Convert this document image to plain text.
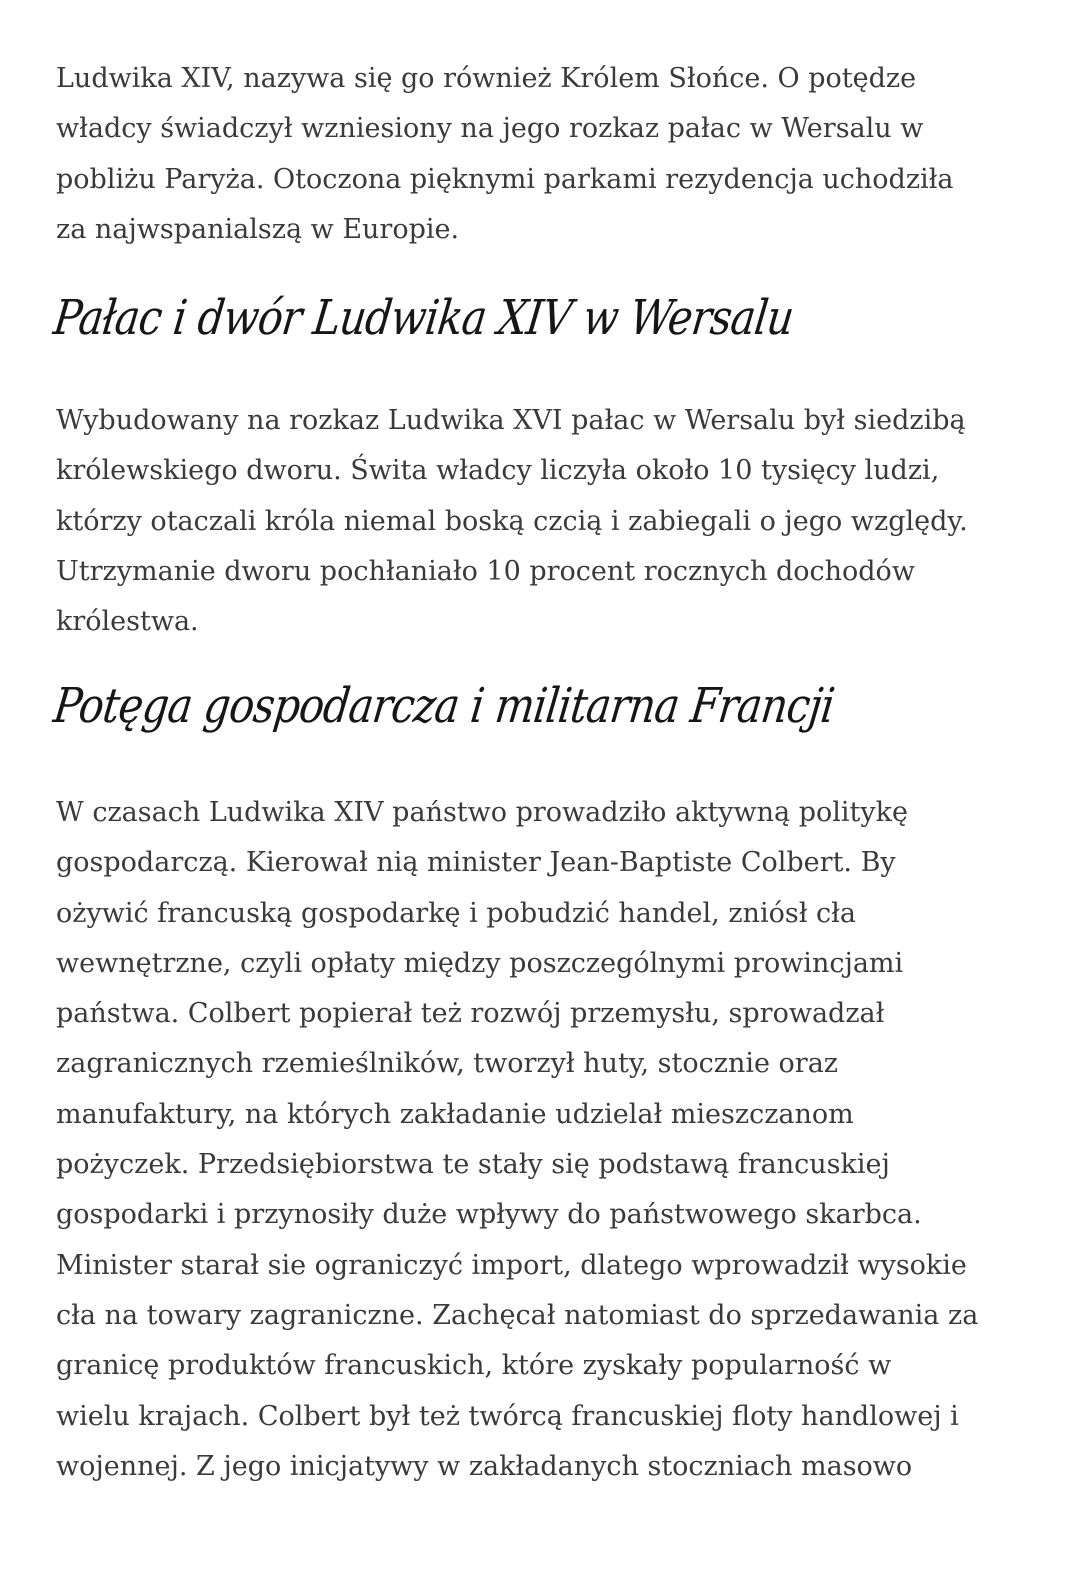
Ludwika XIV, nazywa się go również Królem Słońce. O potędze
władcy świadczył wzniesiony na jego rozkaz pałac w Wersalu w
pobliżu Paryża. Otoczona pięknymi parkami rezydencja uchodziła
za najwspanialszą w Europie.

Pałac i dwór Ludwika XIV w Wersalu

Wybudowany na rozkaz Ludwika XVI pałac w Wersalu był siedzibą
królewskiego dworu. Świta władcy liczyła około 10 tysięcy ludzi,
którzy otaczali króla niemal boską czcią i zabiegali o jego względy.
Utrzymanie dworu pochłaniało 10 procent rocznych dochodów
królestwa.

Potęga gospodarcza i militarna Francji

W czasach Ludwika XIV państwo prowadziło aktywną politykę
gospodarczą. Kierował nią minister Jean-Baptiste Colbert. By
ożywić francuską gospodarkę i pobudzić handel, zniósł cła
wewnętrzne, czyli opłaty między poszczególnymi prowincjami
państwa. Colbert popierał też rozwój przemysłu, sprowadzał
zagranicznych rzemieślników, tworzył huty, stocznie oraz
manufaktury, na których zakładanie udzielał mieszczanom
pożyczek. Przedsiębiorstwa te stały się podstawą francuskiej
gospodarki i przynosiły duże wpływy do państwowego skarbca.
Minister starał sie ograniczyć import, dlatego wprowadził wysokie
cła na towary zagraniczne. Zachęcał natomiast do sprzedawania za
granicę produktów francuskich, które zyskały popularność w
wielu krajach. Colbert był też twórcą francuskiej floty handlowej i
wojennej. Z jego inicjatywy w zakładanych stoczniach masowo
